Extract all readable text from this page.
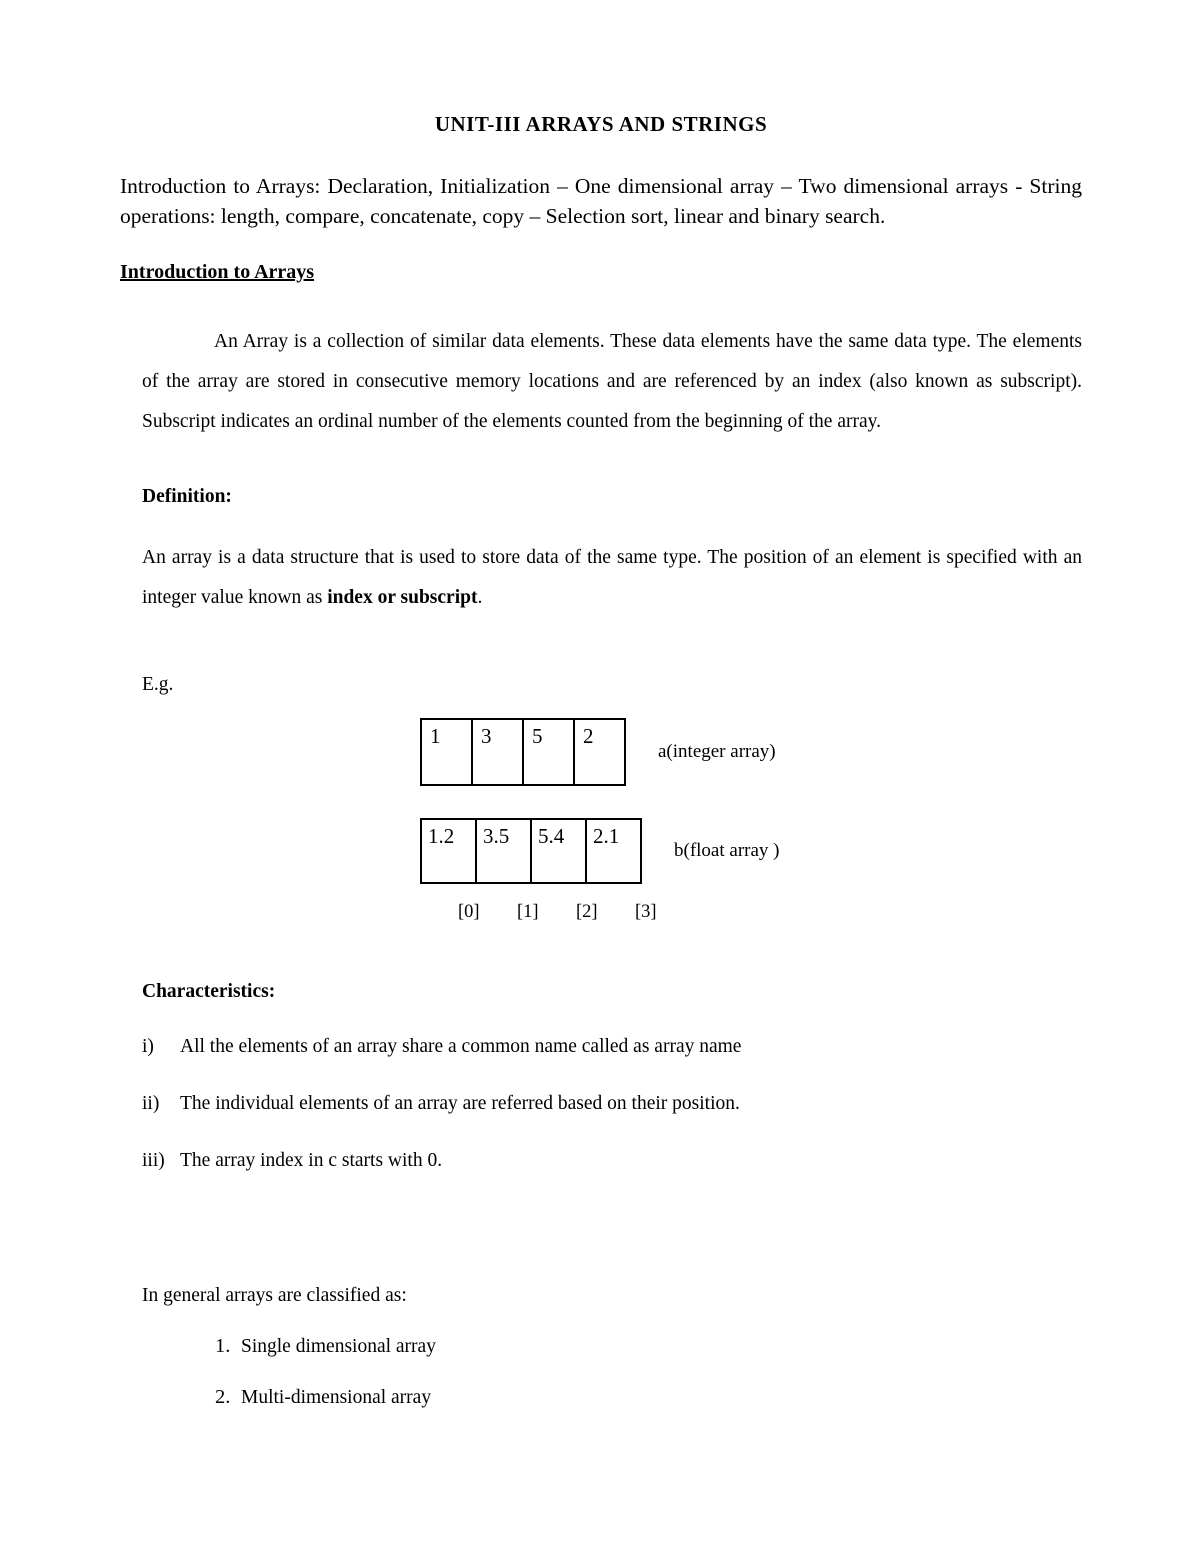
UNIT-III ARRAYS AND STRINGS

Introduction to Arrays: Declaration, Initialization – One dimensional array – Two dimensional arrays - String operations: length, compare, concatenate, copy – Selection sort, linear and binary search.

Introduction to Arrays

An Array is a collection of similar data elements. These data elements have the same data type. The elements of the array are stored in consecutive memory locations and are referenced by an index (also known as subscript). Subscript indicates an ordinal number of the elements counted from the beginning of the array.

Definition:

An array is a data structure that is used to store data of the same type. The position of an element is specified with an integer value known as index or subscript.

E.g.

1	3	5	2
a(integer array)
1.2	3.5	5.4	2.1
b(float array )
[0]	[1]	[2]	[3]
Characteristics:
i) All the elements of an array share a common name called as array name
ii) The individual elements of an array are referred based on their position.
iii) The array index in c starts with 0.

In general arrays are classified as:

1. Single dimensional array
2. Multi-dimensional array
